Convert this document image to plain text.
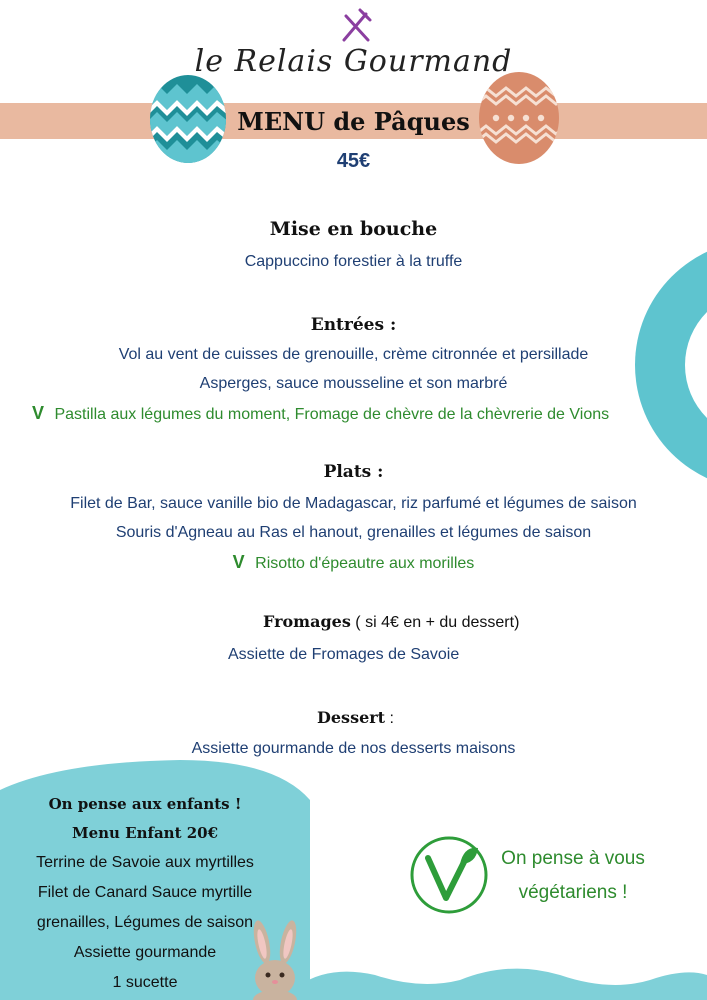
le Relais Gourmand
MENU de Pâques
45€
Mise en bouche
Cappuccino forestier à la truffe
Entrées :
Vol au vent de cuisses de grenouille, crème citronnée et persillade
Asperges, sauce mousseline et son marbré
V Pastilla aux légumes du moment, Fromage de chèvre de la chèvrerie de Vions
Plats :
Filet de Bar, sauce vanille bio de Madagascar, riz parfumé et légumes de saison
Souris d'Agneau au Ras el hanout, grenailles et légumes de saison
V Risotto d'épeautre aux morilles
Fromages ( si 4€ en + du dessert)
Assiette de Fromages de Savoie
Dessert :
Assiette gourmande de nos desserts maisons
On pense aux enfants !
Menu Enfant 20€
Terrine de Savoie aux myrtilles
Filet de Canard Sauce myrtille
grenailles, Légumes de saison
Assiette gourmande
1 sucette
On pense à vous
végétariens !
